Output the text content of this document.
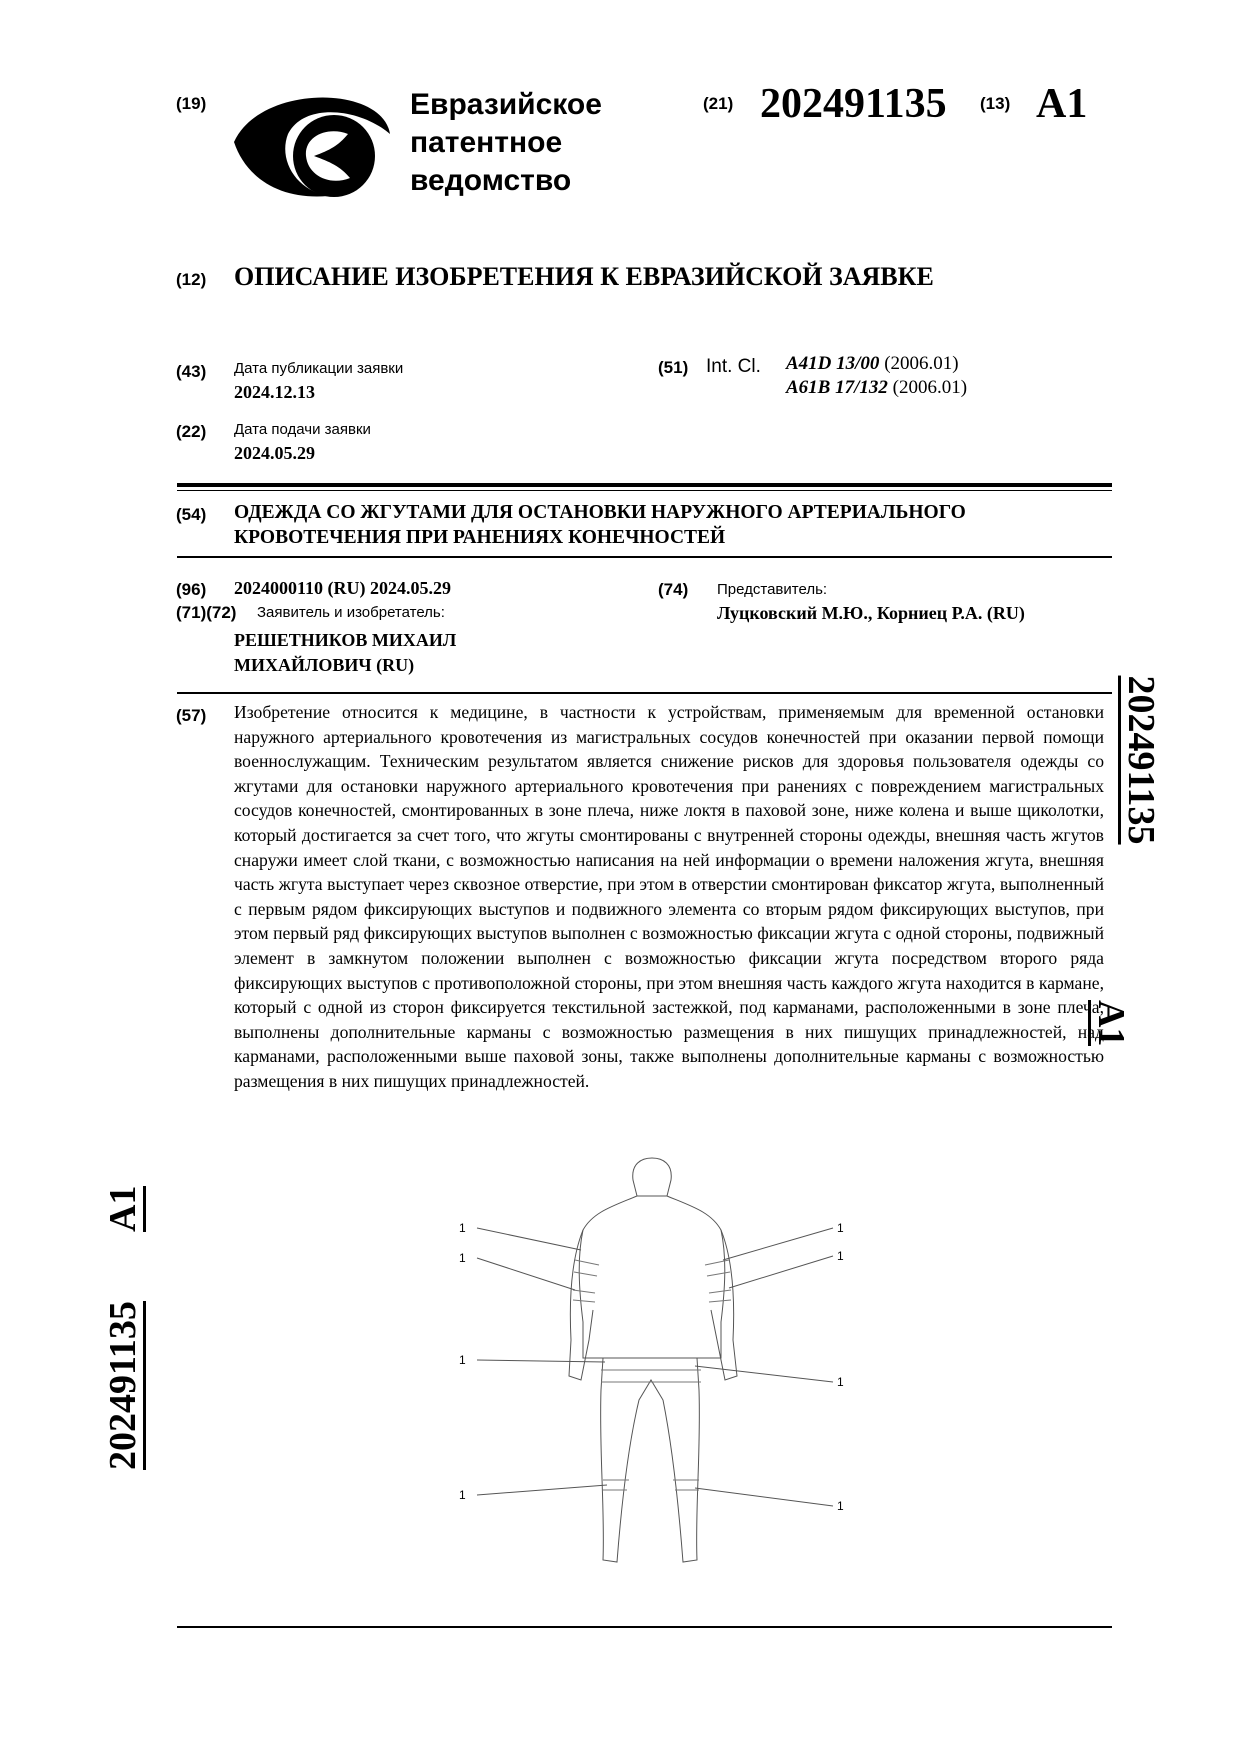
(19)	Евразийское
патентное
ведомство
(21) 202491135 (13) A1
(12) ОПИСАНИЕ ИЗОБРЕТЕНИЯ К ЕВРАЗИЙСКОЙ ЗАЯВКЕ
(43) Дата публикации заявки
2024.12.13
(22) Дата подачи заявки
2024.05.29
(51) Int. Cl. A41D 13/00 (2006.01)
A61B 17/132 (2006.01)
(54) ОДЕЖДА СО ЖГУТАМИ ДЛЯ ОСТАНОВКИ НАРУЖНОГО АРТЕРИАЛЬНОГО
КРОВОТЕЧЕНИЯ ПРИ РАНЕНИЯХ КОНЕЧНОСТЕЙ
(96) 2024000110 (RU) 2024.05.29
(71)(72) Заявитель и изобретатель:
РЕШЕТНИКОВ МИХАИЛ
МИХАЙЛОВИЧ (RU)
(74) Представитель:
Луцковский М.Ю., Корниец Р.А. (RU)
(57) Изобретение относится к медицине, в частности к устройствам, применяемым для временной остановки наружного артериального кровотечения из магистральных сосудов конечностей при оказании первой помощи военнослужащим. Техническим результатом является снижение рисков для здоровья пользователя одежды со жгутами для остановки наружного артериального кровотечения при ранениях с повреждением магистральных сосудов конечностей, смонтированных в зоне плеча, ниже локтя в паховой зоне, ниже колена и выше щиколотки, который достигается за счет того, что жгуты смонтированы с внутренней стороны одежды, внешняя часть жгутов снаружи имеет слой ткани, с возможностью написания на ней информации о времени наложения жгута, внешняя часть жгута выступает через сквозное отверстие, при этом в отверстии смонтирован фиксатор жгута, выполненный с первым рядом фиксирующих выступов и подвижного элемента со вторым рядом фиксирующих выступов, при этом первый ряд фиксирующих выступов выполнен с возможностью фиксации жгута с одной стороны, подвижный элемент в замкнутом положении выполнен с возможностью фиксации жгута посредством второго ряда фиксирующих выступов с противоположной стороны, при этом внешняя часть каждого жгута находится в кармане, который с одной из сторон фиксируется текстильной застежкой, под карманами, расположенными в зоне плеча, выполнены дополнительные карманы с возможностью размещения в них пишущих принадлежностей, над карманами, расположенными выше паховой зоны, также выполнены дополнительные карманы с возможностью размещения в них пишущих принадлежностей.
202491135
A1
202491135
A1	1
1
1
1
1
1
1
1
